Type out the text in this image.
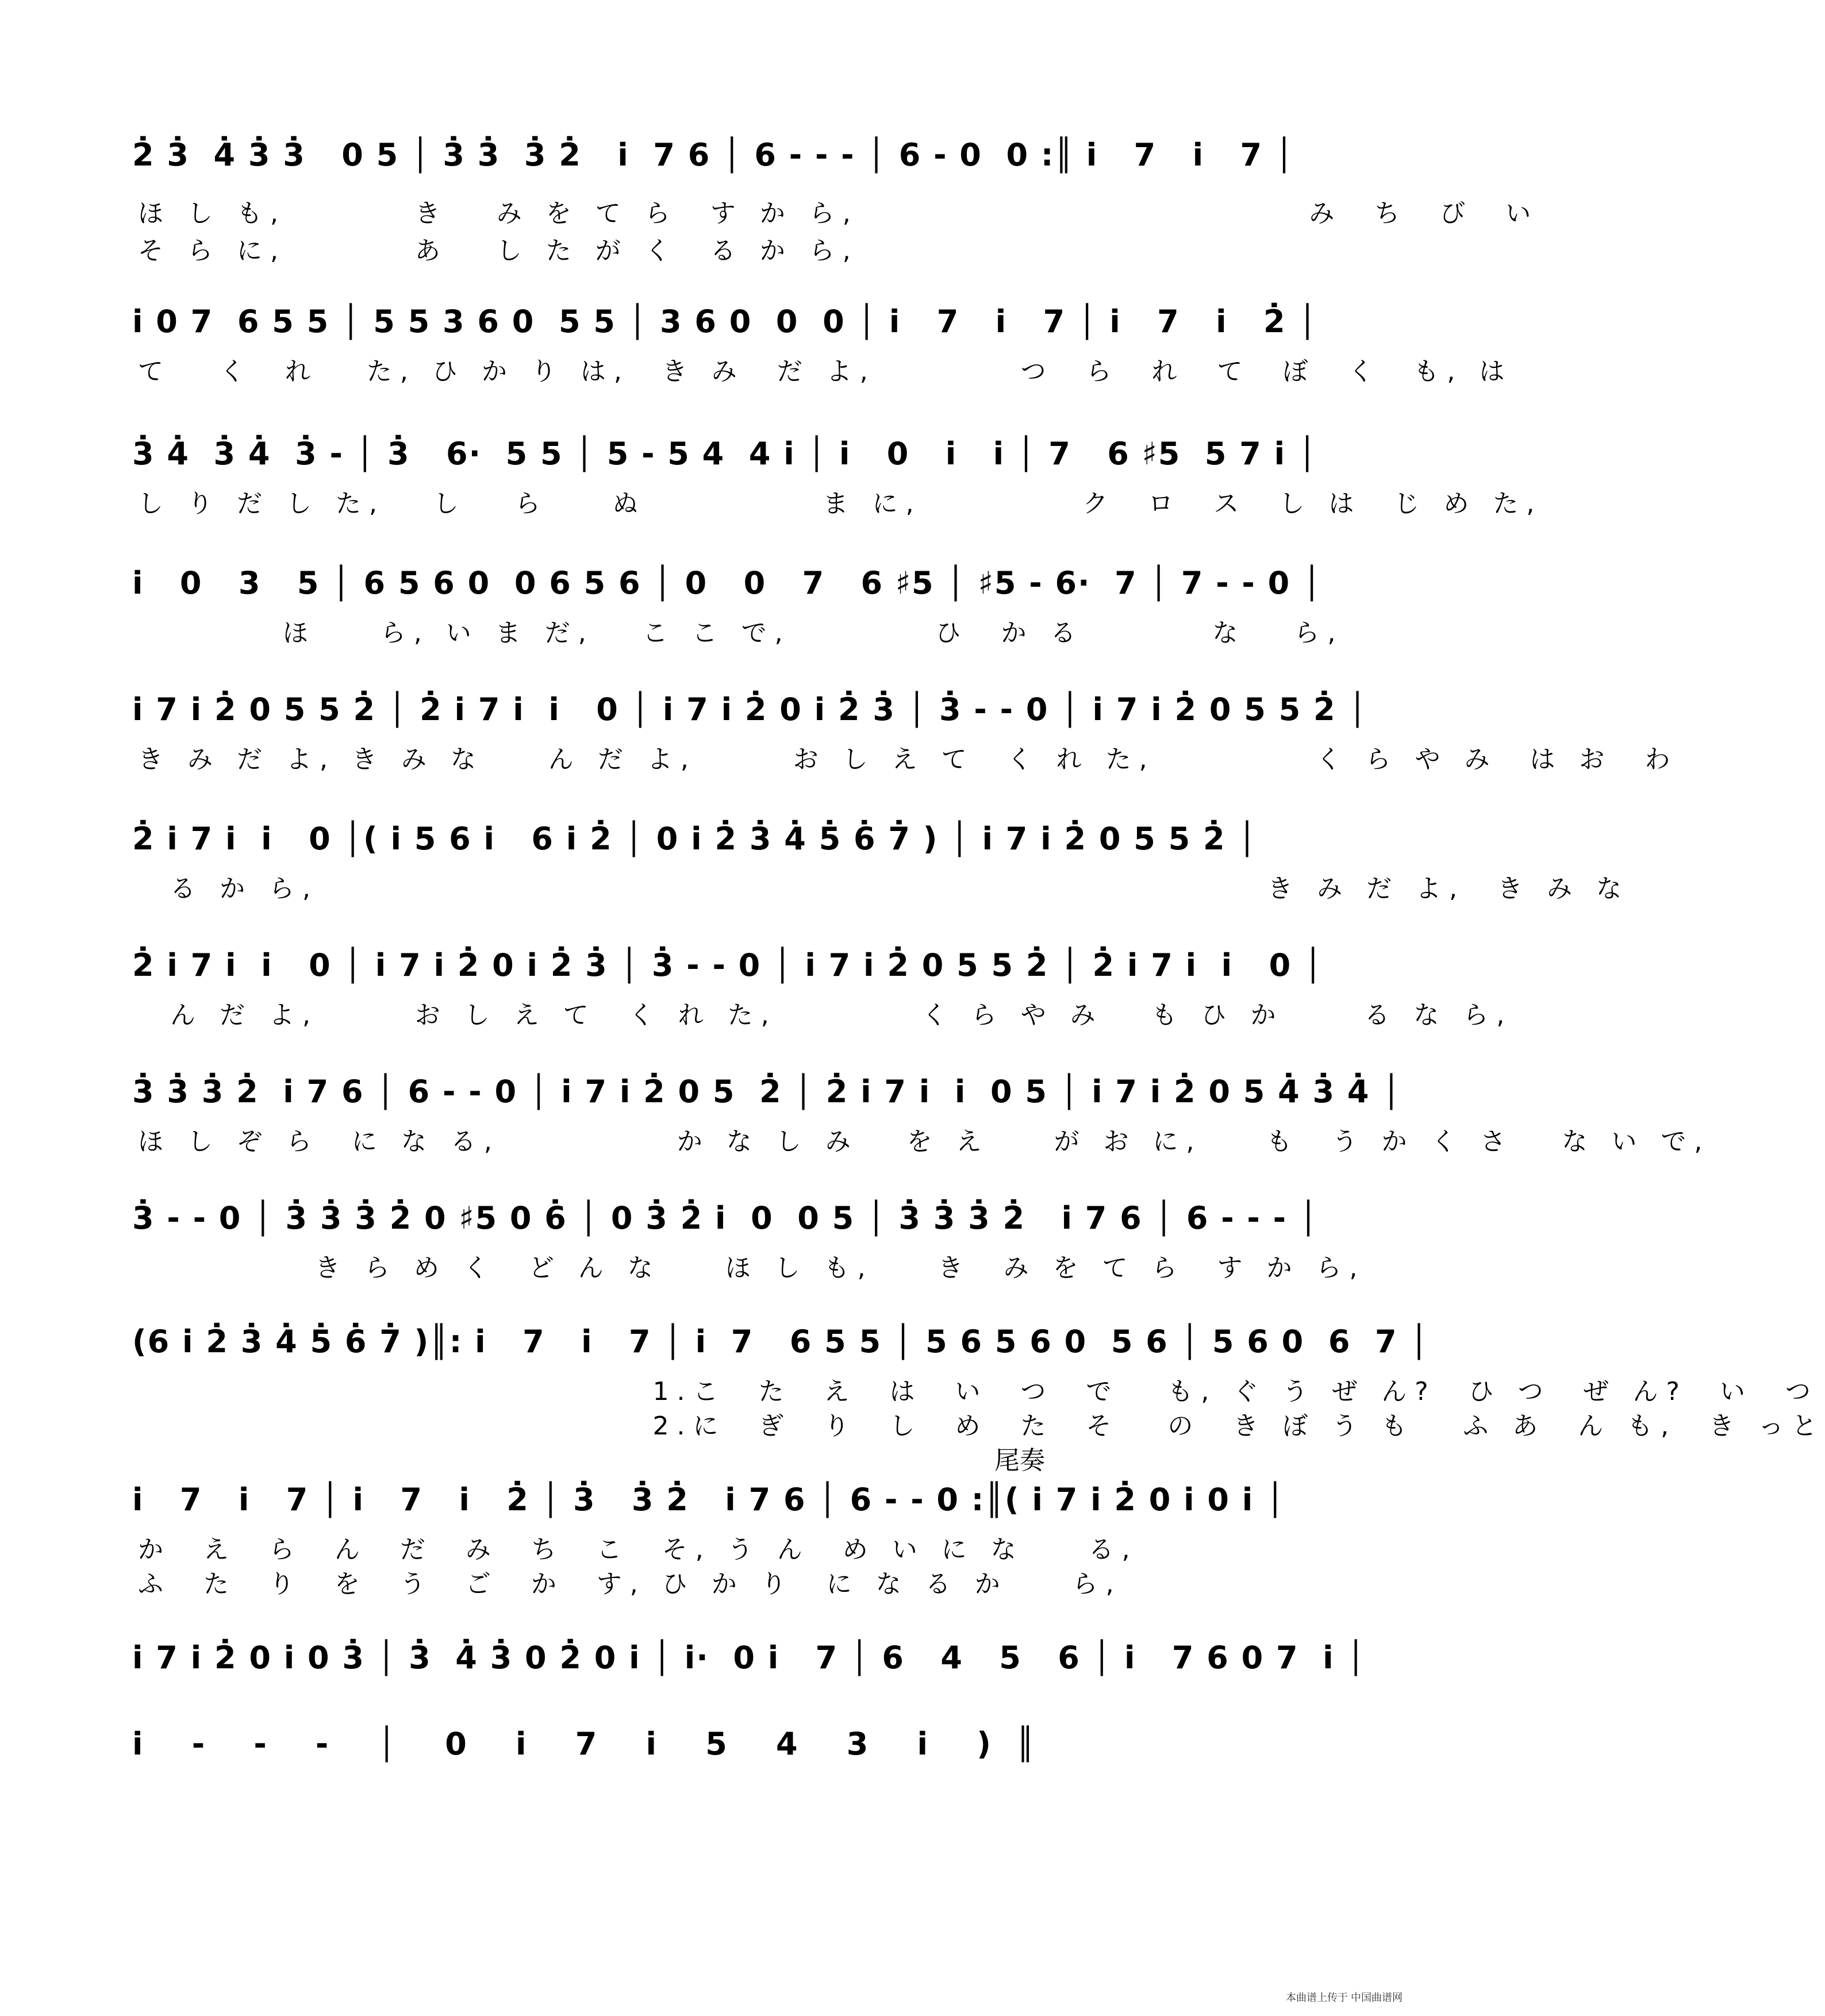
2̇ 3̇  4̇ 3̇ 3̇   0 5 │ 3̇ 3̇  3̇ 2̇   i̇  7 6 │ 6 - - - │ 6 - 0  0 :║ i̇   7   i̇   7 │
ほ し も,        き   み を て ら  す か ら,                            み  ち  び  い
そ ら に,        あ   し た が く  る か ら,
i̇ 0 7  6 5 5 │ 5 5 3 6 0  5 5 │ 3 6 0  0  0 │ i̇   7   i̇   7 │ i̇   7   i̇   2̇ │
て   く  れ   た, ひ か り は,  き み  だ よ,         つ  ら  れ  て  ぼ  く  も, は
3̇ 4̇  3̇ 4̇  3̇ - │ 3̇   6·  5 5 │ 5 - 5 4  4 i̇ │ i̇   0   i̇   i̇ │ 7   6 ♯5  5 7 i̇ │
し り だ し た,   し   ら    ぬ           ま に,          ク  ロ  ス  し は  じ め た,
i̇   0   3   5 │ 6 5 6 0  0 6 5 6 │ 0   0   7   6 ♯5 │ ♯5 - 6·  7 │ 7 - - 0 │
ほ    ら, い ま だ,   こ こ で,         ひ  か る        な   ら,
i̇ 7 i̇ 2̇ 0 5 5 2̇ │ 2̇ i̇ 7 i̇  i̇   0 │ i̇ 7 i̇ 2̇ 0 i̇ 2̇ 3̇ │ 3̇ - - 0 │ i̇ 7 i̇ 2̇ 0 5 5 2̇ │
き み だ よ, き み な    ん だ よ,      お し え て  く れ た,          く ら や み  は お  わ
2̇ i̇ 7 i̇  i̇   0 │( i̇ 5 6 i̇   6 i̇ 2̇ │ 0 i̇ 2̇ 3̇ 4̇ 5̇ 6̇ 7̇ ) │ i̇ 7 i̇ 2̇ 0 5 5 2̇ │
る か ら,                                                           き み だ よ,  き み な
2̇ i̇ 7 i̇  i̇   0 │ i̇ 7 i̇ 2̇ 0 i̇ 2̇ 3̇ │ 3̇ - - 0 │ i̇ 7 i̇ 2̇ 0 5 5 2̇ │ 2̇ i̇ 7 i̇  i̇   0 │
ん だ よ,      お し え て  く れ た,         く ら や み   も ひ か     る な ら,
3̇ 3̇ 3̇ 2̇  i̇ 7 6 │ 6 - - 0 │ i̇ 7 i̇ 2̇ 0 5  2̇ │ 2̇ i̇ 7 i̇  i̇  0 5 │ i̇ 7 i̇ 2̇ 0 5 4̇ 3̇ 4̇ │
ほ し ぞ ら  に な る,           か な し み   を え    が お に,    も  う か く さ   な い で,
3̇ - - 0 │ 3̇ 3̇ 3̇ 2̇ 0 ♯5 0 6̇ │ 0 3̇ 2̇ i̇  0  0 5 │ 3̇ 3̇ 3̇ 2̇   i̇ 7 6 │ 6 - - - │
き ら め く  ど ん な    ほ し も,    き  み を て ら  す か ら,
(6 i̇ 2̇ 3̇ 4̇ 5̇ 6̇ 7̇ )║: i̇   7   i̇   7 │ i̇  7   6 5 5 │ 5 6 5 6 0  5 6 │ 5 6 0  6  7 │
1.こ  た  え  は  い  つ  で   も, ぐ う ぜ ん?  ひ つ  ぜ ん?  い  つ
2.に  ぎ  り  し  め  た  そ   の  き ぼ う も   ふ あ  ん も,  き っと
尾奏
i̇   7   i̇   7 │ i̇   7   i̇   2̇ │ 3̇   3̇ 2̇   i̇ 7 6 │ 6 - - 0 :║( i̇ 7 i̇ 2̇ 0 i̇ 0 i̇ │
か  え  ら  ん  だ  み  ち  こ  そ, う ん  め い に な    る,
ふ  た  り  を  う  ご  か  す, ひ か り  に な る か    ら,
i̇ 7 i̇ 2̇ 0 i̇ 0 3̇ │ 3̇  4̇ 3̇ 0 2̇ 0 i̇ │ i̇·  0 i̇   7 │ 6   4   5   6 │ i̇   7 6 0 7  i̇ │
i̇    -    -    -    │    0    i̇    7    i̇    5    4    3    i̇    )  ║
本曲谱上传于 中国曲谱网
